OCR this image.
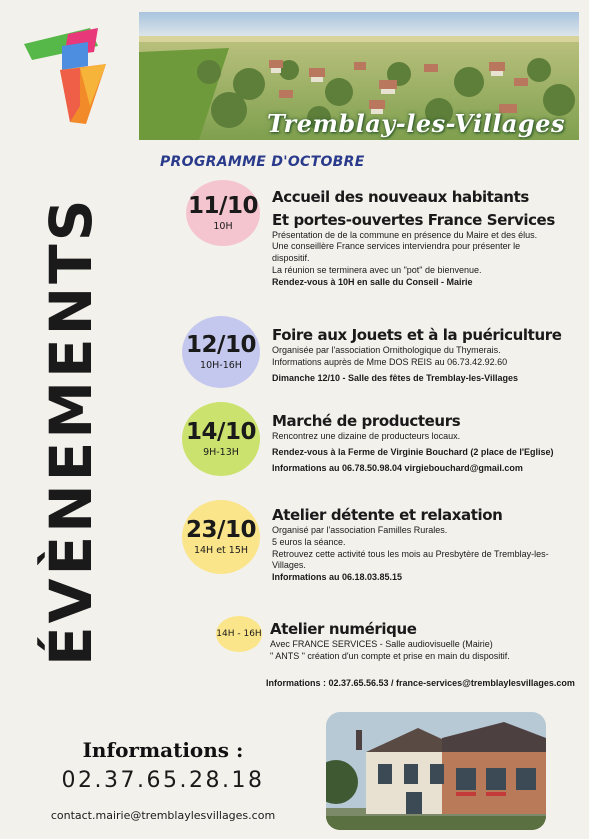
Tremblay-les-Villages
PROGRAMME D'OCTOBRE
ÉVÈNEMENTS	11/10
10H
Accueil des nouveaux habitants
Et portes-ouvertes France Services
Présentation de de la commune en présence du Maire et des élus.
Une conseillère France services interviendra pour présenter le
dispositif.
La réunion se terminera avec un "pot" de bienvenue.
Rendez-vous à 10H en salle du Conseil - Mairie
12/10
10H-16H
Foire aux Jouets et à la puériculture
Organisée par l'association Ornithologique du Thymerais.
Informations auprès de Mme DOS REIS au 06.73.42.92.60
Dimanche 12/10 - Salle des fêtes de Tremblay-les-Villages
14/10
9H-13H
Marché de producteurs
Rencontrez une dizaine de producteurs locaux.
Rendez-vous à la Ferme de Virginie Bouchard (2 place de l'Eglise)
Informations au 06.78.50.98.04 virgiebouchard@gmail.com
23/10
14H et 15H
Atelier détente et relaxation
Organisé par l'association Familles Rurales.
5 euros la séance.
Retrouvez cette activité tous les mois au Presbytère de Tremblay-les-
Villages.
Informations au 06.18.03.85.15
14H - 16H Atelier numérique
Avec FRANCE SERVICES - Salle audiovisuelle (Mairie)
" ANTS " création d'un compte et prise en main du dispositif.
Informations : 02.37.65.56.53 / france-services@tremblaylesvillages.com
Informations :
02.37.65.28.18
contact.mairie@tremblaylesvillages.com
